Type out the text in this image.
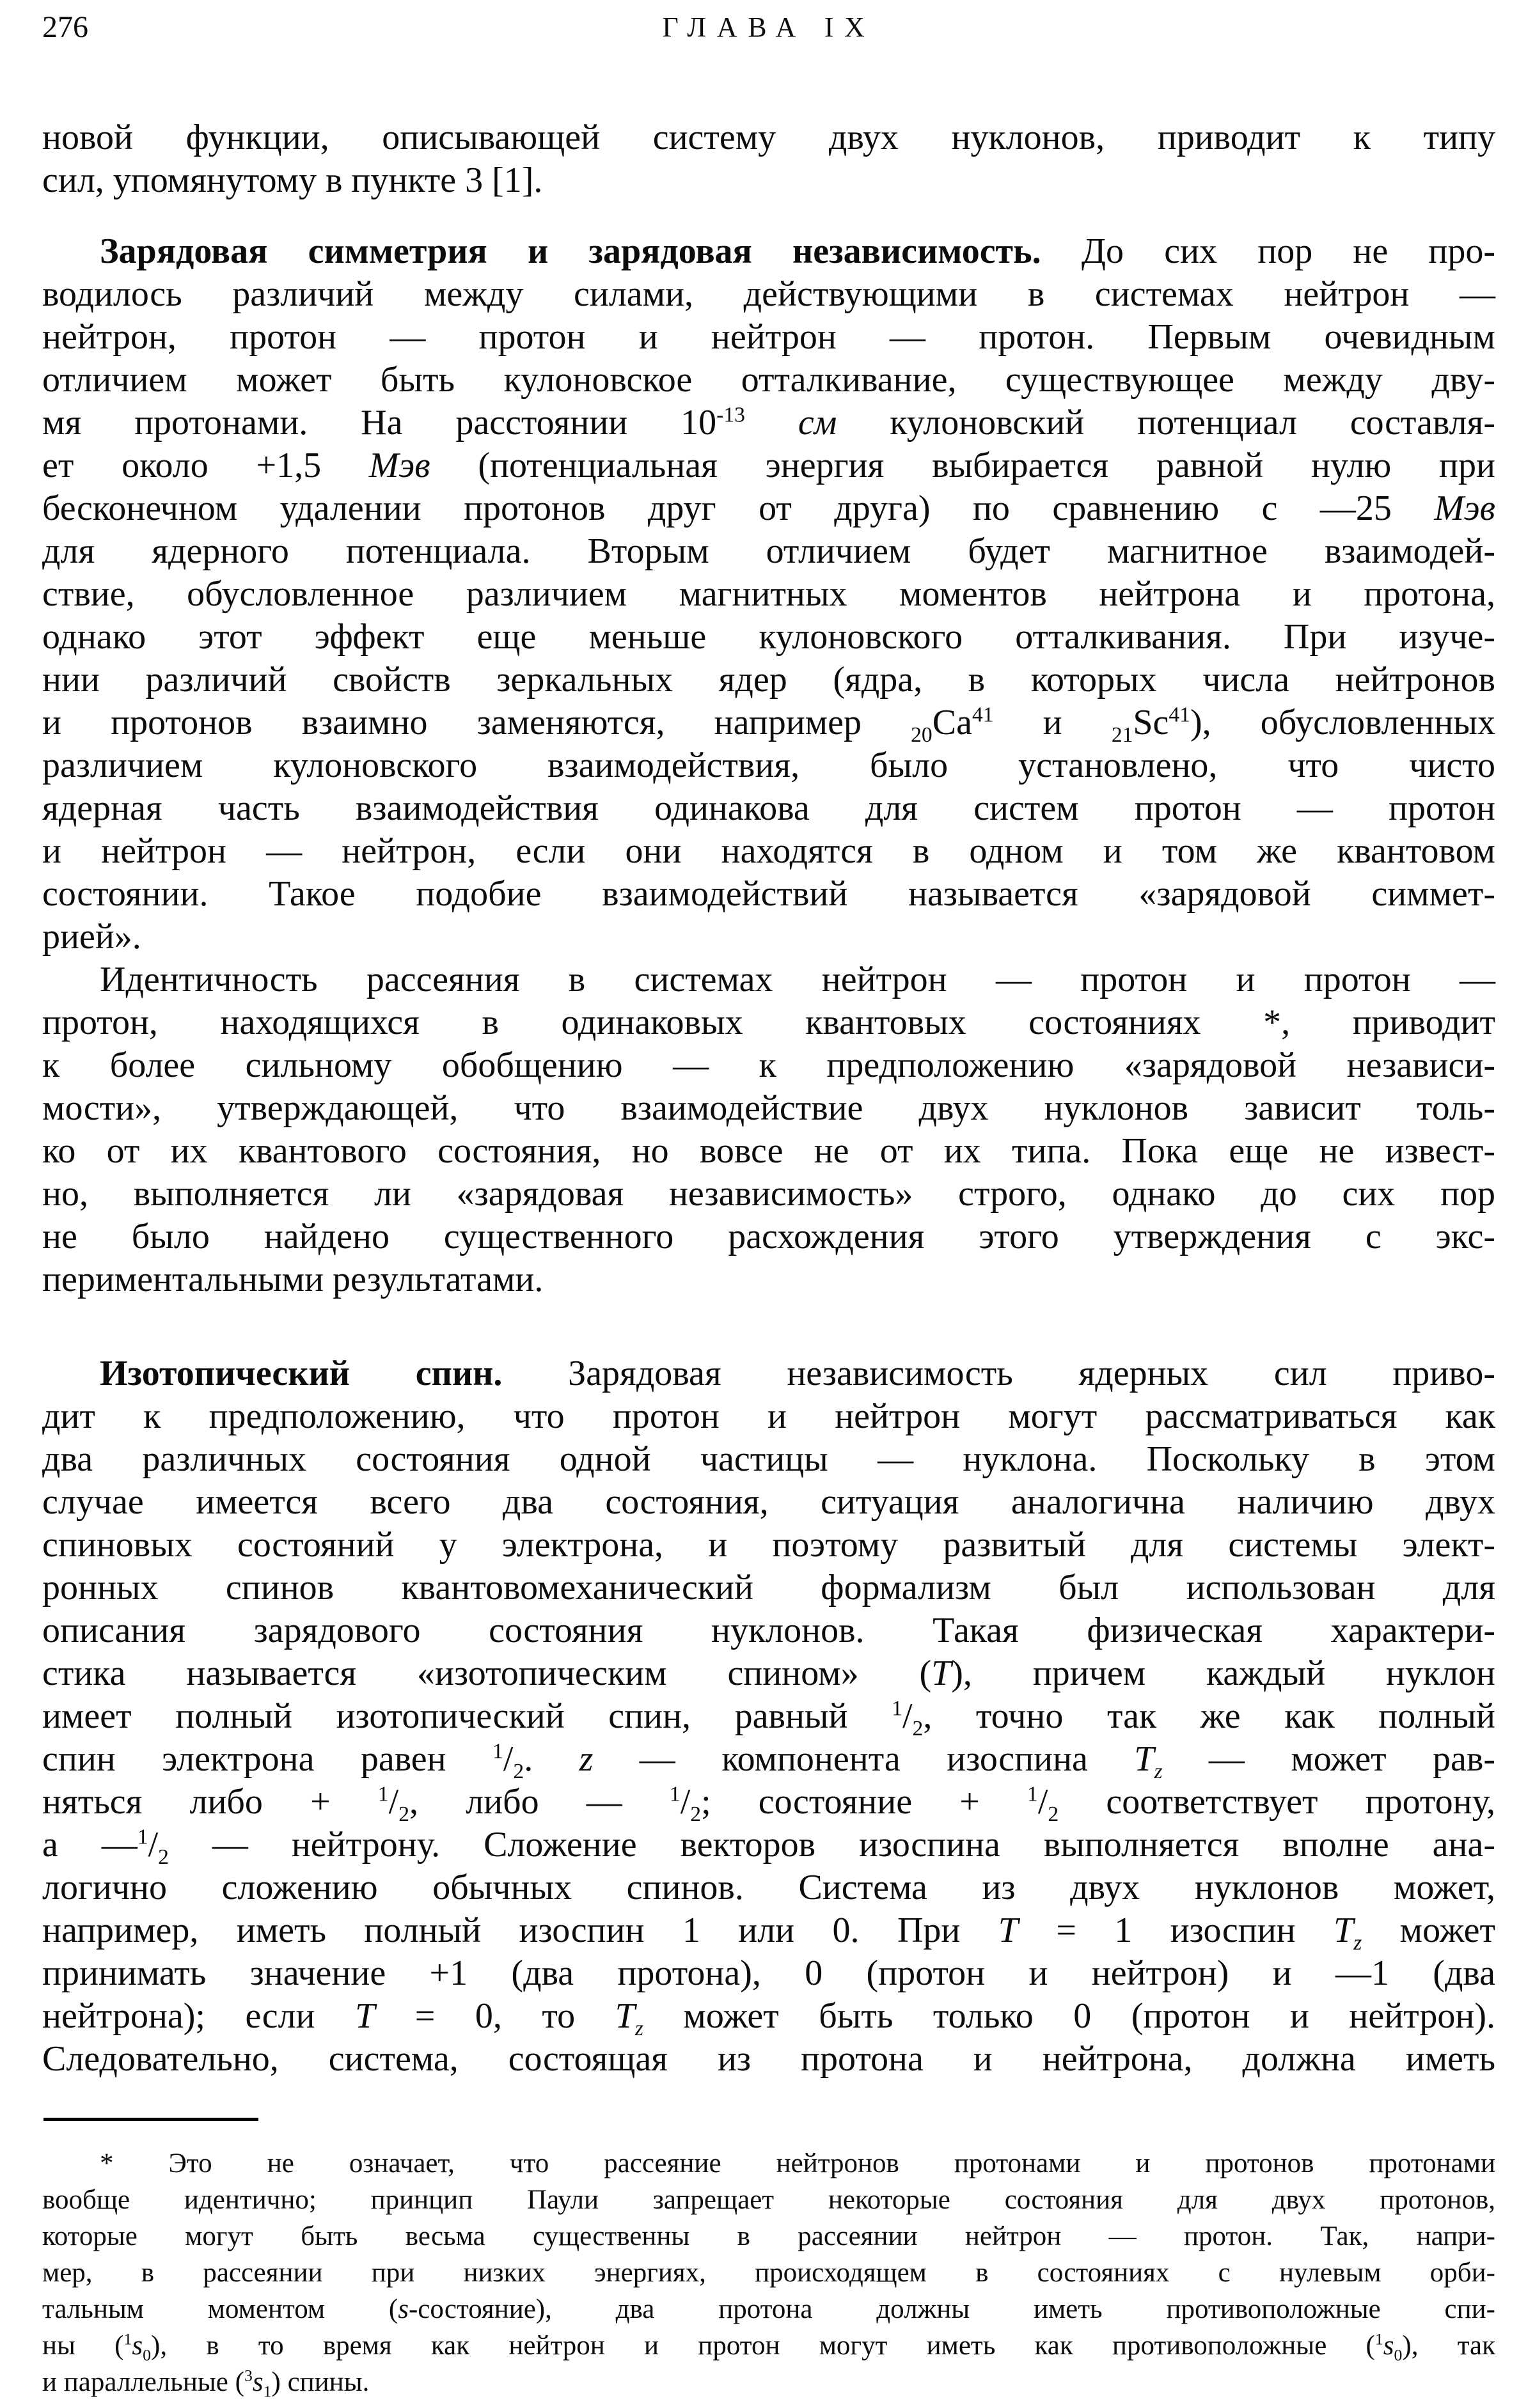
276	ГЛАВА IX
новой функции, описывающей систему двух нуклонов, приводит к типу
сил, упомянутому в пункте 3 [1].
Зарядовая симметрия и зарядовая независимость. До сих пор не про-
водилось различий между силами, действующими в системах нейтрон —
нейтрон, протон — протон и нейтрон — протон. Первым очевидным
отличием может быть кулоновское отталкивание, существующее между дву-
мя протонами. На расстоянии $10^{-13}$ см кулоновский потенциал составля-
ет около +1,5 Мэв (потенциальная энергия выбирается равной нулю при
бесконечном удалении протонов друг от друга) по сравнению с —25 Мэв
для ядерного потенциала. Вторым отличием будет магнитное взаимодей-
ствие, обусловленное различием магнитных моментов нейтрона и протона,
однако этот эффект еще меньше кулоновского отталкивания. При изуче-
нии различий свойств зеркальных ядер (ядра, в которых числа нейтронов
и протонов взаимно заменяются, например $_{20}Ca^{41}$ и $_{21}Sc^{41}$), обусловленных
различием кулоновского взаимодействия, было установлено, что чисто
ядерная часть взаимодействия одинакова для систем протон — протон
и нейтрон — нейтрон, если они находятся в одном и том же квантовом
состоянии. Такое подобие взаимодействий называется «зарядовой симмет-
рией».
Идентичность рассеяния в системах нейтрон — протон и протон —
протон, находящихся в одинаковых квантовых состояниях *, приводит
к более сильному обобщению — к предположению «зарядовой независи-
мости», утверждающей, что взаимодействие двух нуклонов зависит толь-
ко от их квантового состояния, но вовсе не от их типа. Пока еще не извест-
но, выполняется ли «зарядовая независимость» строго, однако до сих пор
не было найдено существенного расхождения этого утверждения с экс-
периментальными результатами.
Изотопический спин. Зарядовая независимость ядерных сил приво-
дит к предположению, что протон и нейтрон могут рассматриваться как
два различных состояния одной частицы — нуклона. Поскольку в этом
случае имеется всего два состояния, ситуация аналогична наличию двух
спиновых состояний у электрона, и поэтому развитый для системы элект-
ронных спинов квантовомеханический формализм был использован для
описания зарядового состояния нуклонов. Такая физическая характери-
стика называется «изотопическим спином» (T), причем каждый нуклон
имеет полный изотопический спин, равный $^1/_2$, точно так же как полный
спин электрона равен $^1/_2$. z — компонента изоспина $T_z$ — может рав-
няться либо + $^1/_2$, либо — $^1/_2$; состояние + $^1/_2$ соответствует протону,
а $—^1/_2$ — нейтрону. Сложение векторов изоспина выполняется вполне ана-
логично сложению обычных спинов. Система из двух нуклонов может,
например, иметь полный изоспин 1 или 0. При T = 1 изоспин $T_z$ может
принимать значение +1 (два протона), 0 (протон и нейтрон) и —1 (два
нейтрона); если T = 0, то $T_z$ может быть только 0 (протон и нейтрон).
Следовательно, система, состоящая из протона и нейтрона, должна иметь
* Это не означает, что рассеяние нейтронов протонами и протонов протонами
вообще идентично; принцип Паули запрещает некоторые состояния для двух протонов,
которые могут быть весьма существенны в рассеянии нейтрон — протон. Так, напри-
мер, в рассеянии при низких энергиях, происходящем в состояниях с нулевым орби-
тальным моментом (s-состояние), два протона должны иметь противоположные спи-
ны $(^1s_0)$, в то время как нейтрон и протон могут иметь как противоположные $(^1s_0)$, так
и параллельные $(^3s_1)$ спины.
